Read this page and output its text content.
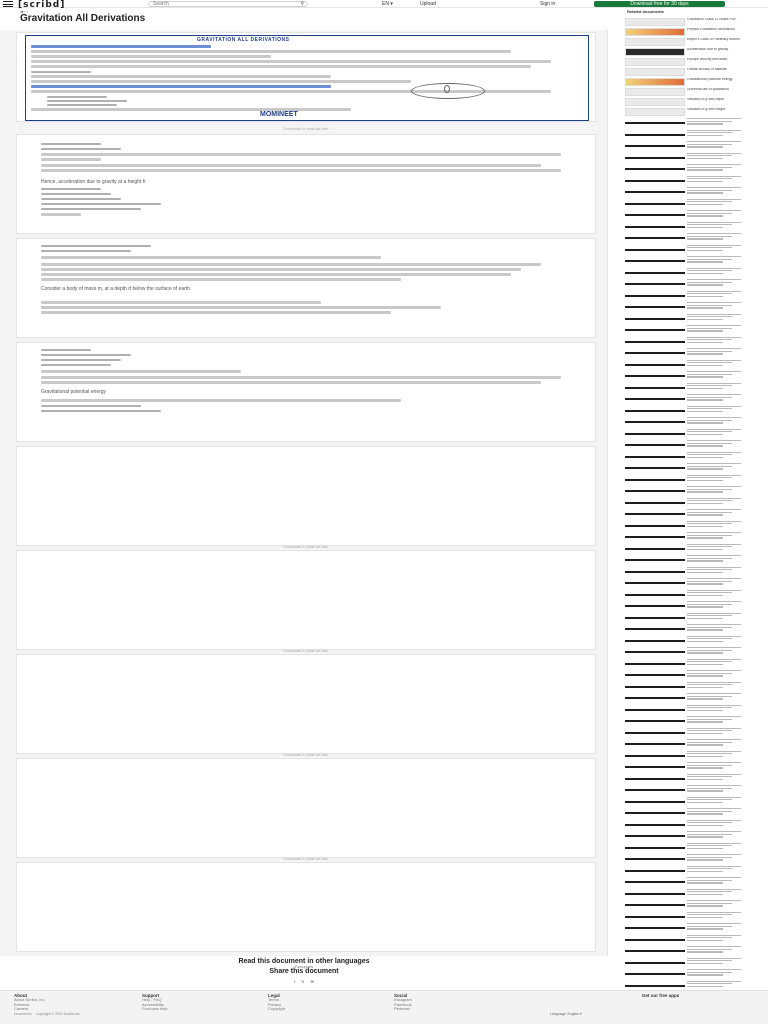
[scribd]	Search	⚲	EN ▾	Upload	Sign in	Download free for 30 days
GRAVITATION ALL DERIVATIONS
MOMINEET
Download to read ad-free
Hence, acceleration due to gravity at a height h
Consider a body of mass m, at a depth d below the surface of earth
Gravitational potential energy
Download to read ad-free
Download to read ad-free
Download to read ad-free
Download to read ad-free
◀ • •
Gravitation All Derivations
Related documents
Gravitation Class 11 Notes PDF
Physics Gravitation derivations
Kepler's Laws of Planetary Motion
Acceleration due to gravity
Escape velocity derivation
Orbital velocity of satellite
Gravitational potential energy
Universal law of gravitation
Variation of g with depth
Variation of g with height
Read this document in other languages
Português
Share this document
f 𝕏 ✉
About
About Scribd, Inc.
Everand
Careers
Support
Help / FAQ
Accessibility
Purchase help
Legal
Terms
Privacy
Copyright
Social
Instagram
Facebook
Pinterest
Get our free apps
Documents Copyright © 2024 Scribd Inc.	Language: English ▾
